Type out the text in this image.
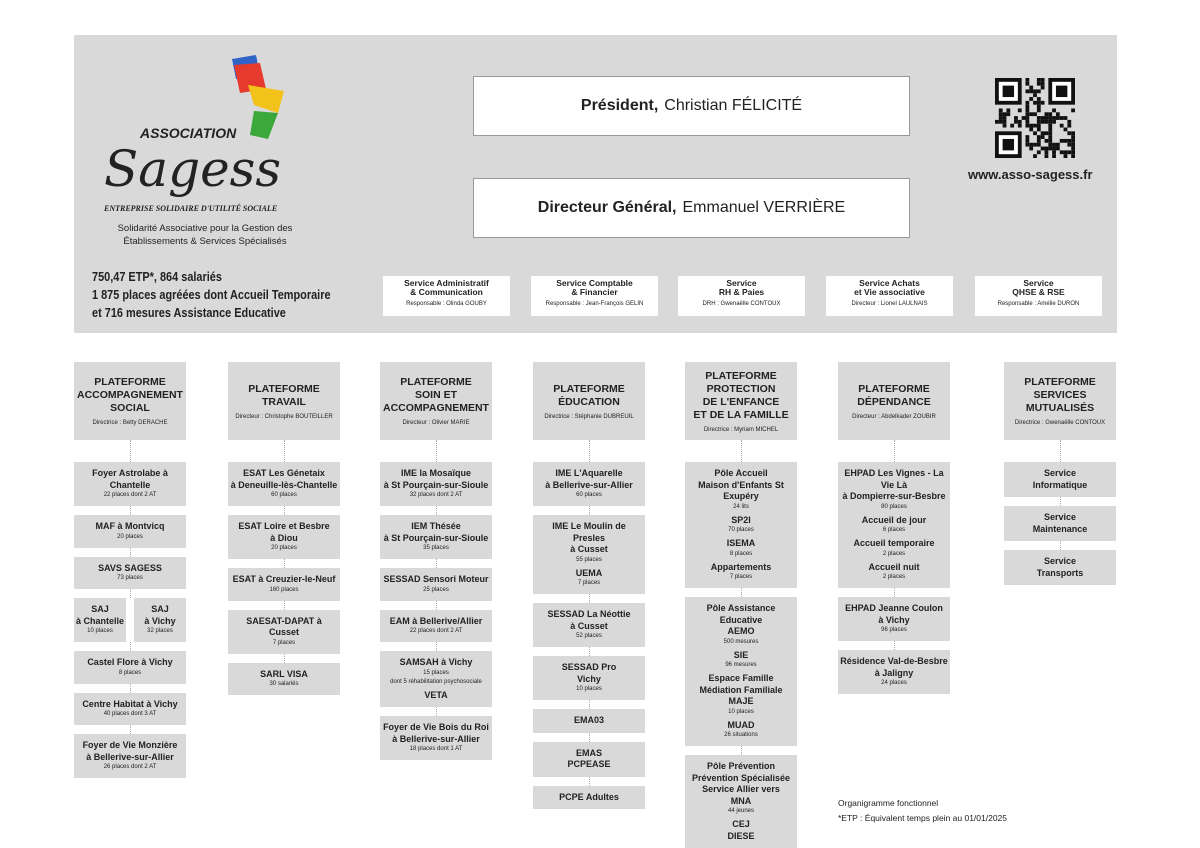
ASSOCIATION
Sagess
ENTREPRISE SOLIDAIRE D'UTILITÉ SOCIALE
Solidarité Associative pour la Gestion des Établissements & Services Spécialisés
750,47 ETP*, 864 salariés
1 875 places agréées dont Accueil Temporaire
et 716 mesures Assistance Educative
Président, Christian FÉLICITÉ
Directeur Général, Emmanuel VERRIÈRE
www.asso-sagess.fr
Service Administratif
& Communication
Responsable : Olinda GOUBY
Service Comptable
& Financier
Responsable : Jean-François GELIN
Service
RH & Paies
DRH : Gwenaëlle CONTOUX
Service Achats
et Vie associative
Directeur : Lionel LAULNAIS
Service
QHSE & RSE
Responsable : Amélie DURON
PLATEFORME
ACCOMPAGNEMENT
SOCIAL
Directrice : Betty DERACHE
Foyer Astrolabe à Chantelle
22 places dont 2 AT
MAF à Montvicq
20 places
SAVS SAGESS
73 places
SAJ
à Chantelle
10 places
SAJ
à Vichy
32 places
Castel Flore à Vichy
8 places
Centre Habitat à Vichy
40 places dont 3 AT
Foyer de Vie Monzière
à Bellerive-sur-Allier
26 places dont 2 AT
PLATEFORME
TRAVAIL
Directeur : Christophe BOUTEILLER
ESAT Les Génetaix
à Deneuille-lès-Chantelle
60 places
ESAT Loire et Besbre
à Diou
20 places
ESAT à Creuzier-le-Neuf
160 places
SAESAT-DAPAT à Cusset
7 places
SARL VISA
30 salariés
PLATEFORME
SOIN ET
ACCOMPAGNEMENT
Directeur : Olivier MARIE
IME la Mosaïque
à St Pourçain-sur-Sioule
32 places dont 2 AT
IEM Thésée
à St Pourçain-sur-Sioule
35 places
SESSAD Sensori Moteur
25 places
EAM à Bellerive/Allier
22 places dont 2 AT
SAMSAH à Vichy
15 places
dont 5 réhabilitation psychosociale
VETA
Foyer de Vie Bois du Roi
à Bellerive-sur-Allier
18 places dont 1 AT
PLATEFORME
ÉDUCATION
Directrice : Stéphanie DUBREUIL
IME L'Aquarelle
à Bellerive-sur-Allier
60 places
IME Le Moulin de Presles
à Cusset
55 places
UEMA
7 places
SESSAD La Néottie
à Cusset
52 places
SESSAD Pro
Vichy
10 places
EMA03
EMAS
PCPEASE
PCPE Adultes
PLATEFORME
PROTECTION
DE L'ENFANCE
ET DE LA FAMILLE
Directrice : Myriam MICHEL
Pôle Accueil
Maison d'Enfants St Exupéry
24 lits
SP2I
70 places
ISEMA
8 places
Appartements
7 places
Pôle Assistance Educative
AEMO
500 mesures
SIE
96 mesures
Espace Famille
Médiation Familiale
MAJE
10 places
MUAD
26 situations
Pôle Prévention
Prévention Spécialisée
Service Allier vers
MNA
44 jeunes
CEJ
DIESE
PLATEFORME
DÉPENDANCE
Directeur : Abdelkader ZOUBIR
EHPAD Les Vignes - La Vie Là
à Dompierre-sur-Besbre
80 places
Accueil de jour
6 places
Accueil temporaire
2 places
Accueil nuit
2 places
EHPAD Jeanne Coulon
à Vichy
96 places
Résidence Val-de-Besbre
à Jaligny
24 places
PLATEFORME
SERVICES
MUTUALISÉS
Directrice : Gwenaëlle CONTOUX
Service
Informatique
Service
Maintenance
Service
Transports
Organigramme fonctionnel
*ETP : Équivalent temps plein au 01/01/2025
